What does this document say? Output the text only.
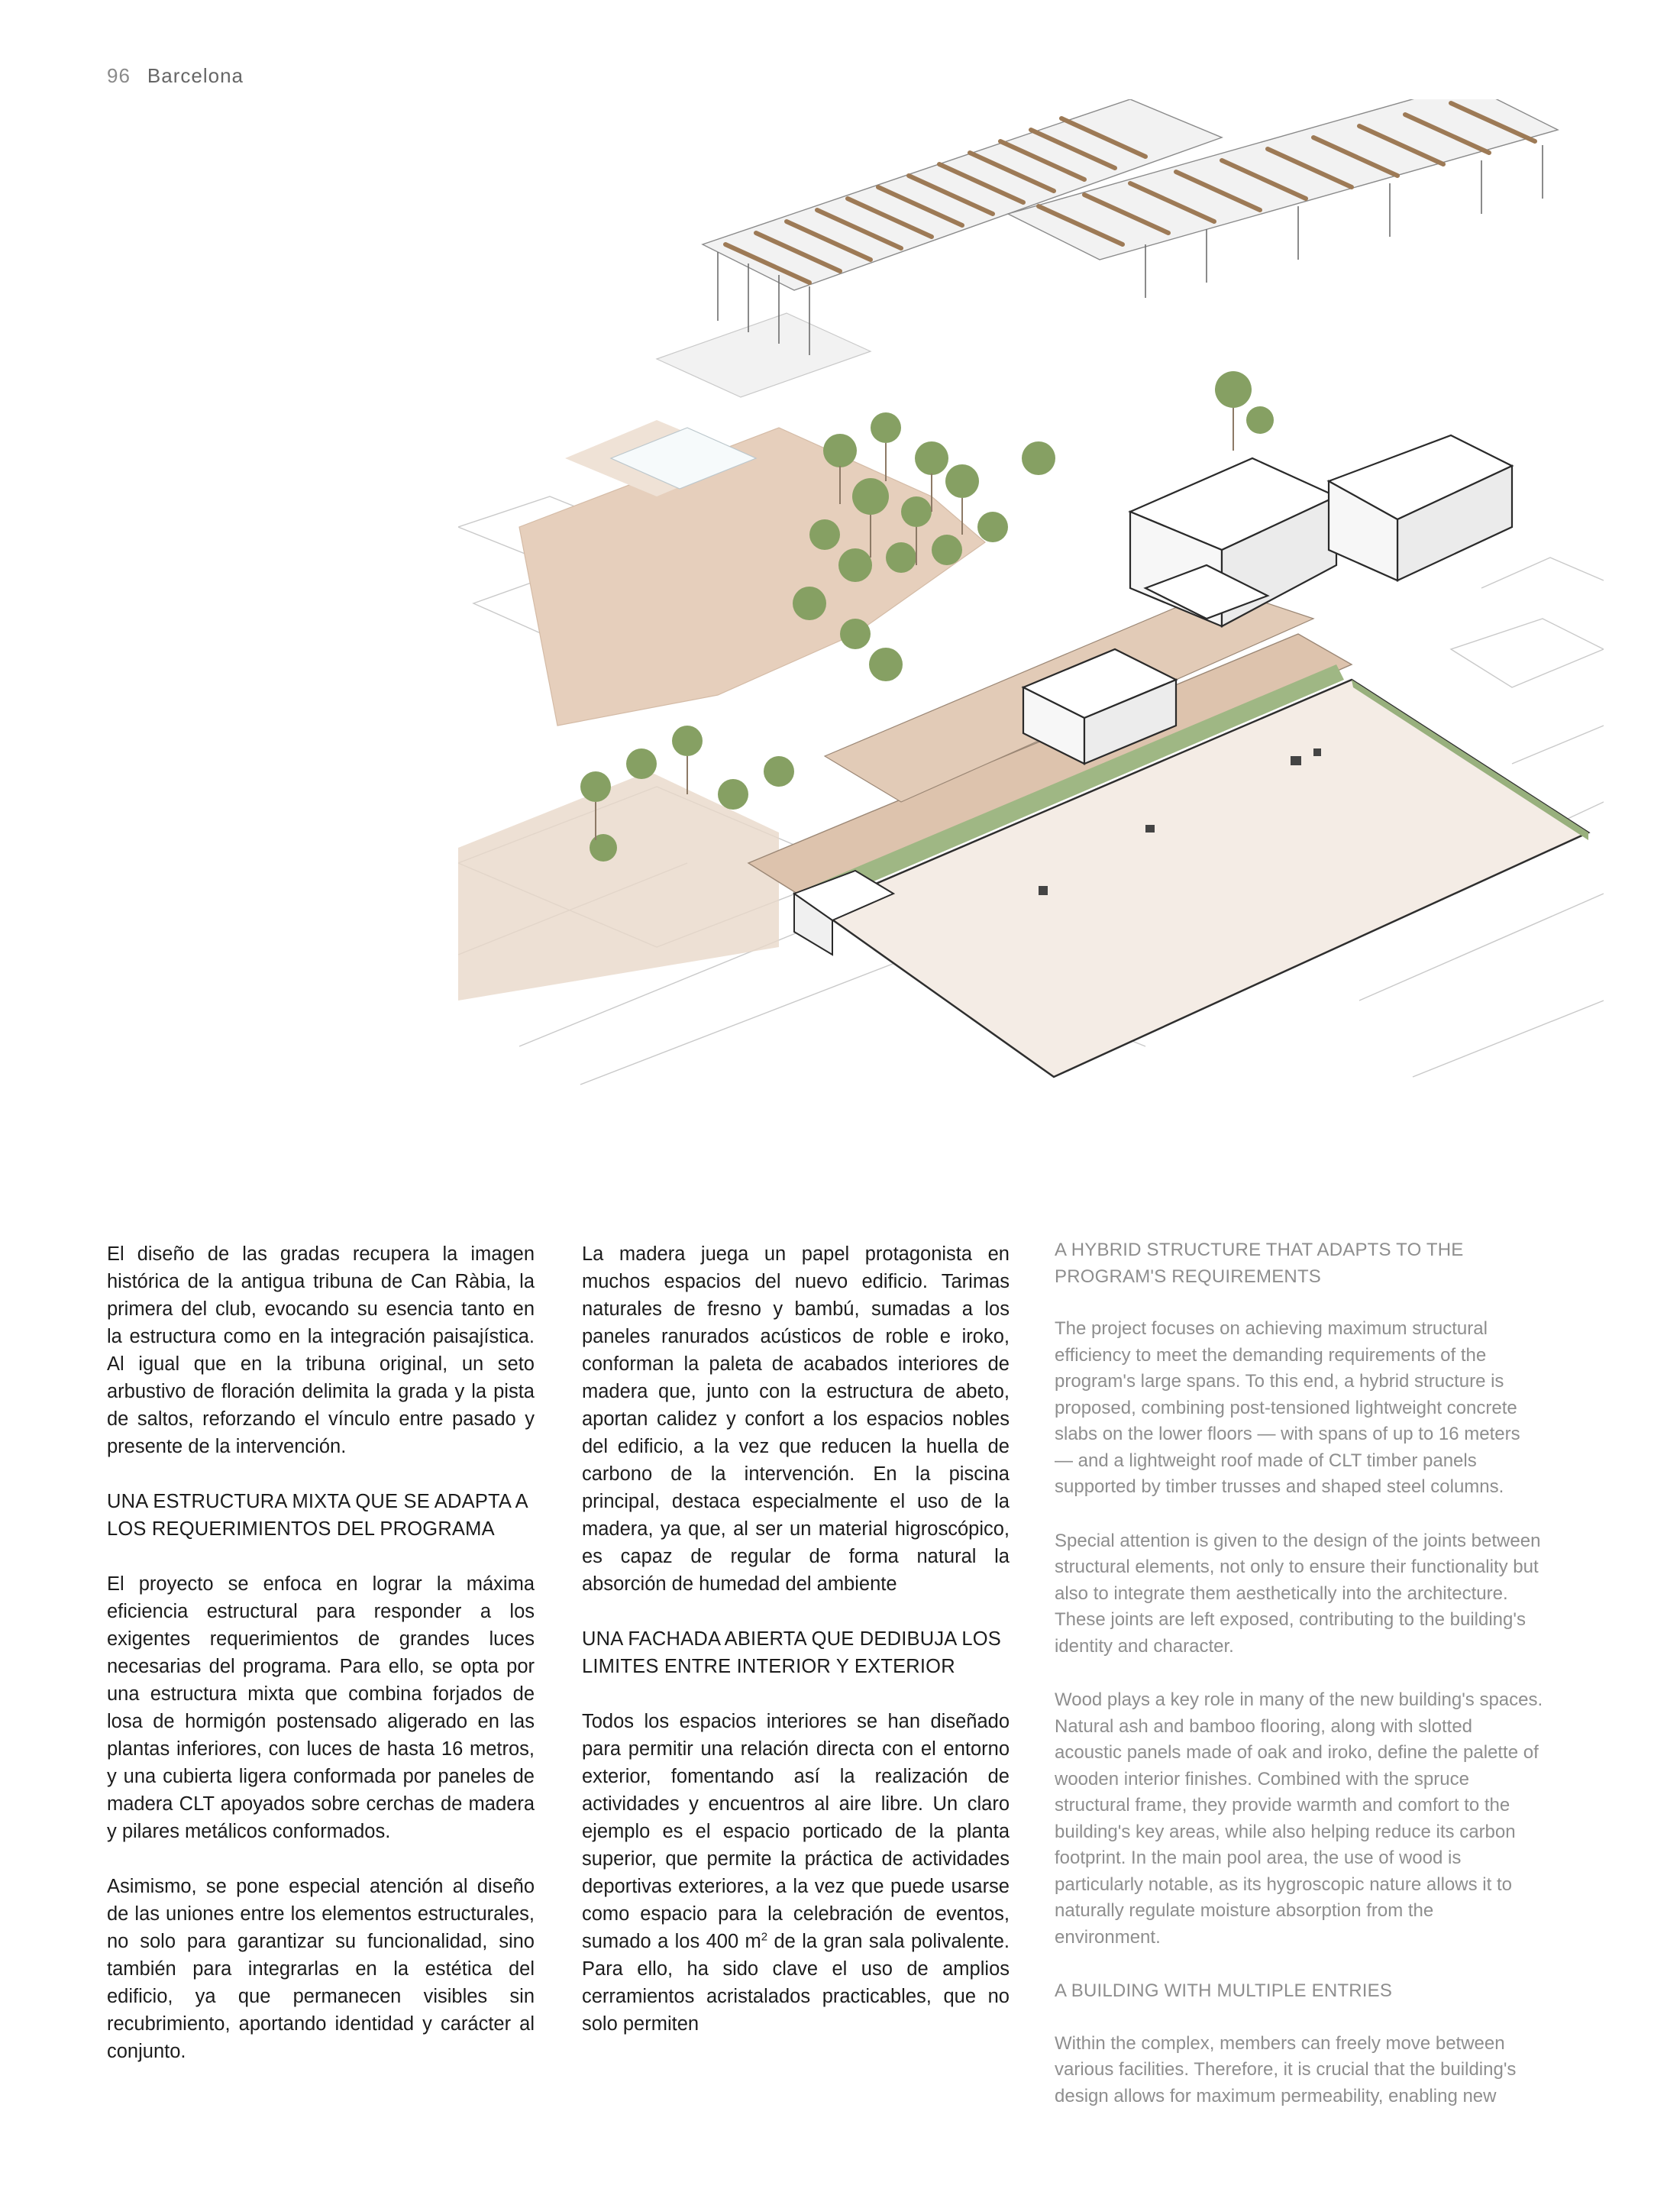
96 Barcelona

El diseño de las gradas recupera la imagen histórica de la antigua tribuna de Can Ràbia, la primera del club, evocando su esencia tanto en la estructura como en la integración paisajística. Al igual que en la tribuna original, un seto arbustivo de floración delimita la grada y la pista de saltos, reforzando el vínculo entre pasado y presente de la intervención.

UNA ESTRUCTURA MIXTA QUE SE ADAPTA A LOS REQUERIMIENTOS DEL PROGRAMA

El proyecto se enfoca en lograr la máxima eficiencia estructural para responder a los exigentes requerimientos de grandes luces necesarias del programa. Para ello, se opta por una estructura mixta que combina forjados de losa de hormigón postensado aligerado en las plantas inferiores, con luces de hasta 16 metros, y una cubierta ligera conformada por paneles de madera CLT apoyados sobre cerchas de madera y pilares metálicos conformados.

Asimismo, se pone especial atención al diseño de las uniones entre los elementos estructurales, no solo para garantizar su funcionalidad, sino también para integrarlas en la estética del edificio, ya que permanecen visibles sin recubrimiento, aportando identidad y carácter al conjunto.

La madera juega un papel protagonista en muchos espacios del nuevo edificio. Tarimas naturales de fresno y bambú, sumadas a los paneles ranurados acústicos de roble e iroko, conforman la paleta de acabados interiores de madera que, junto con la estructura de abeto, aportan calidez y confort a los espacios nobles del edificio, a la vez que reducen la huella de carbono de la intervención. En la piscina principal, destaca especialmente el uso de la madera, ya que, al ser un material higroscópico, es capaz de regular de forma natural la absorción de humedad del ambiente

UNA FACHADA ABIERTA QUE DEDIBUJA LOS LIMITES ENTRE INTERIOR Y EXTERIOR

Todos los espacios interiores se han diseñado para permitir una relación directa con el entorno exterior, fomentando así la realización de actividades y encuentros al aire libre. Un claro ejemplo es el espacio porticado de la planta superior, que permite la práctica de actividades deportivas exteriores, a la vez que puede usarse como espacio para la celebración de eventos, sumado a los 400 $m^2$ de la gran sala polivalente. Para ello, ha sido clave el uso de amplios cerramientos acristalados practicables, que no solo permiten

A HYBRID STRUCTURE THAT ADAPTS TO THE PROGRAM'S REQUIREMENTS

The project focuses on achieving maximum structural efficiency to meet the demanding requirements of the program's large spans. To this end, a hybrid structure is proposed, combining post-tensioned lightweight concrete slabs on the lower floors — with spans of up to 16 meters — and a lightweight roof made of CLT timber panels supported by timber trusses and shaped steel columns.

Special attention is given to the design of the joints between structural elements, not only to ensure their functionality but also to integrate them aesthetically into the architecture. These joints are left exposed, contributing to the building's identity and character.

Wood plays a key role in many of the new building's spaces. Natural ash and bamboo flooring, along with slotted acoustic panels made of oak and iroko, define the palette of wooden interior finishes. Combined with the spruce structural frame, they provide warmth and comfort to the building's key areas, while also helping reduce its carbon footprint. In the main pool area, the use of wood is particularly notable, as its hygroscopic nature allows it to naturally regulate moisture absorption from the environment.

A BUILDING WITH MULTIPLE ENTRIES

Within the complex, members can freely move between various facilities. Therefore, it is crucial that the building's design allows for maximum permeability, enabling new
